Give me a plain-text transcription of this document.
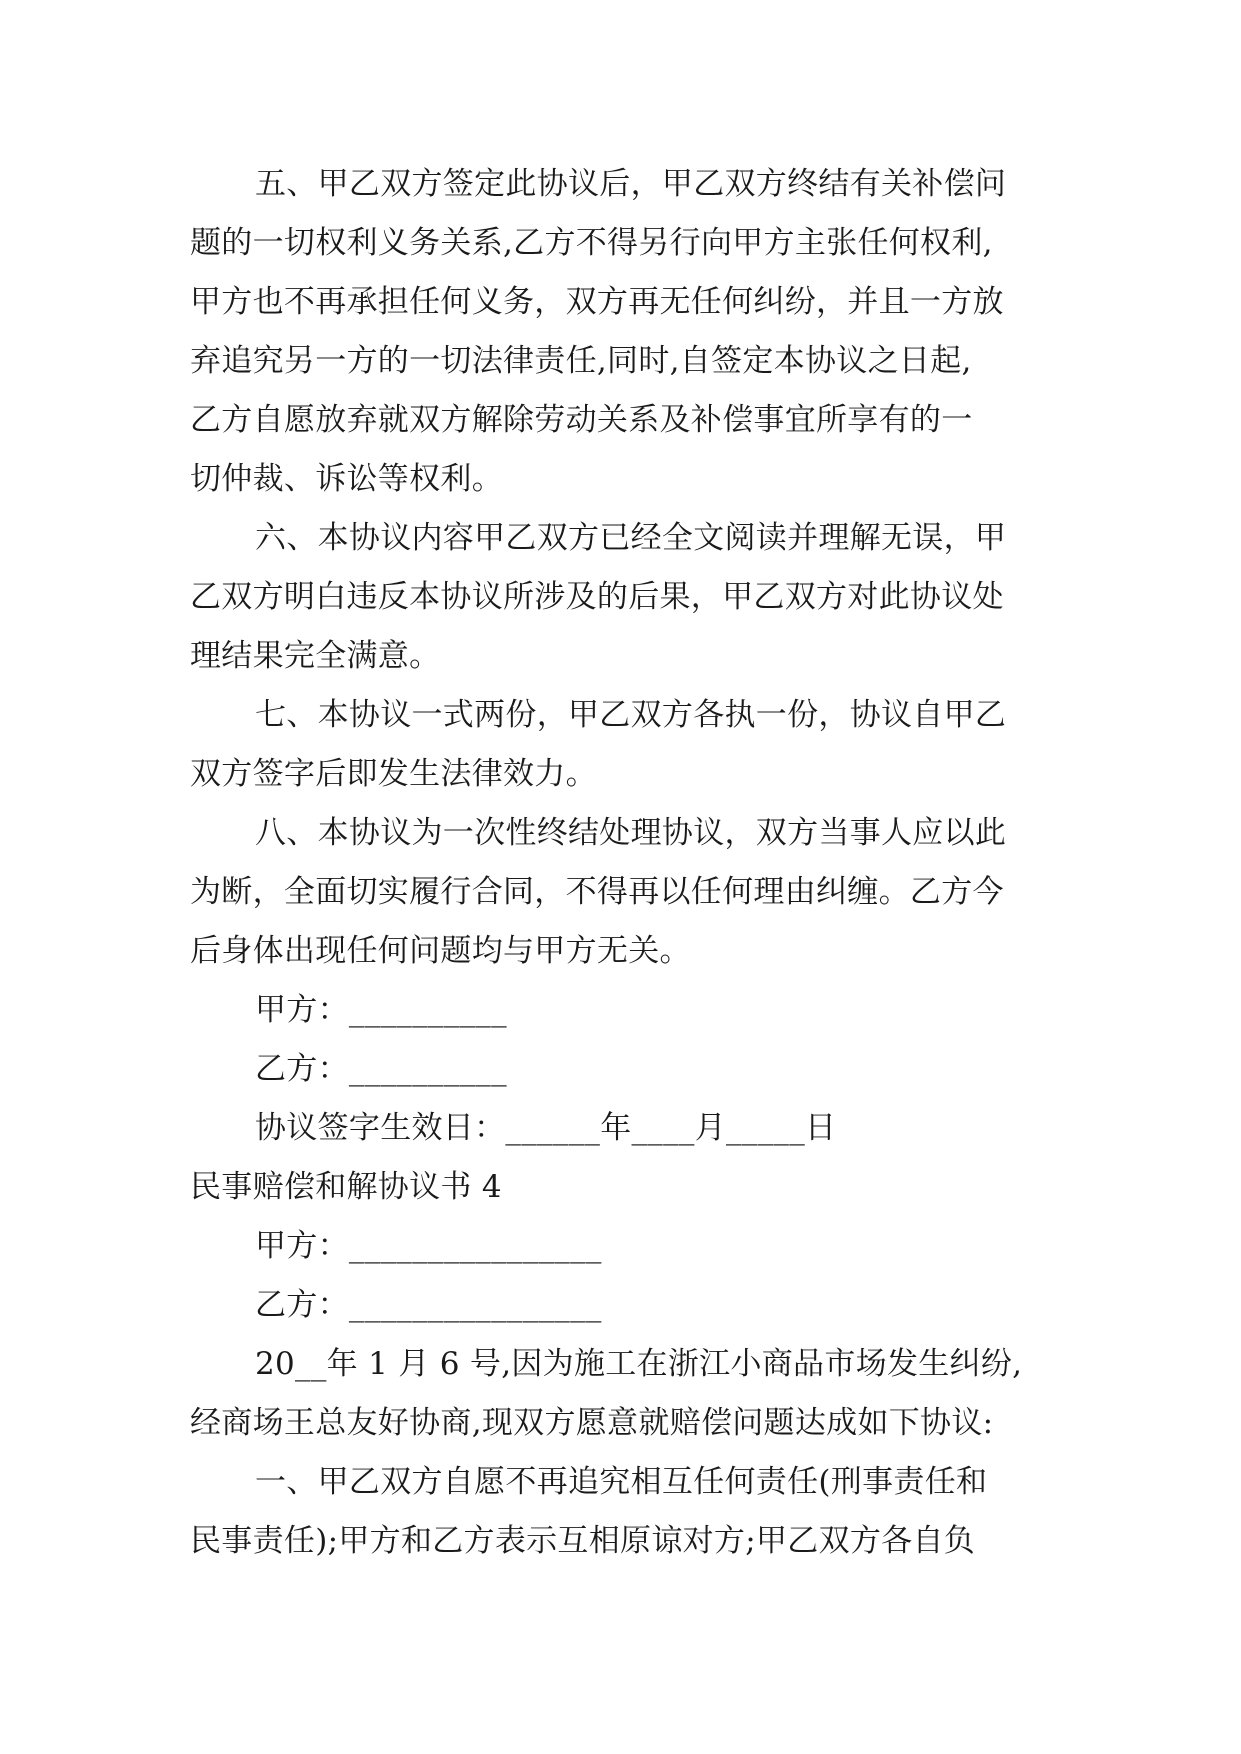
五、甲乙双方签定此协议后，甲乙双方终结有关补偿问
题的一切权利义务关系,乙方不得另行向甲方主张任何权利,
甲方也不再承担任何义务，双方再无任何纠纷，并且一方放
弃追究另一方的一切法律责任,同时,自签定本协议之日起,
乙方自愿放弃就双方解除劳动关系及补偿事宜所享有的一
切仲裁、诉讼等权利。
六、本协议内容甲乙双方已经全文阅读并理解无误，甲
乙双方明白违反本协议所涉及的后果，甲乙双方对此协议处
理结果完全满意。
七、本协议一式两份，甲乙双方各执一份，协议自甲乙
双方签字后即发生法律效力。
八、本协议为一次性终结处理协议，双方当事人应以此
为断，全面切实履行合同，不得再以任何理由纠缠。乙方今
后身体出现任何问题均与甲方无关。
甲方：__________
乙方：__________
协议签字生效日：______年____月_____日
民事赔偿和解协议书 4
甲方：________________
乙方：________________
20__年 1 月 6 号,因为施工在浙江小商品市场发生纠纷,
经商场王总友好协商,现双方愿意就赔偿问题达成如下协议:
一、甲乙双方自愿不再追究相互任何责任(刑事责任和
民事责任);甲方和乙方表示互相原谅对方;甲乙双方各自负
